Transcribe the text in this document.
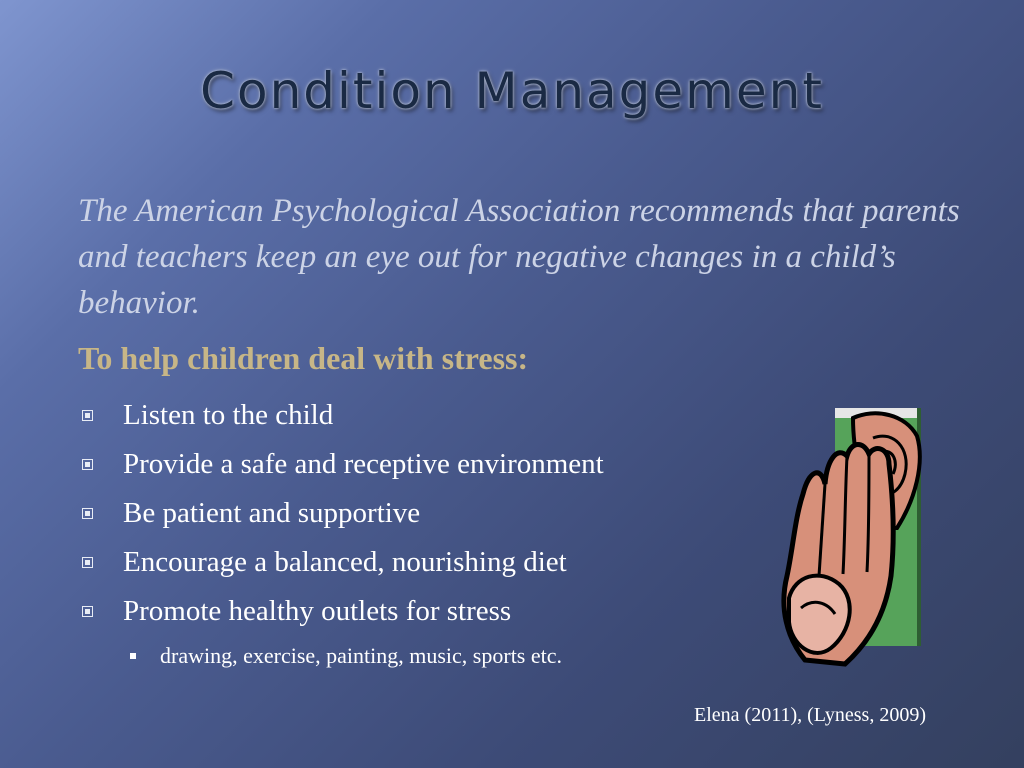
Condition Management
The American Psychological Association recommends that parents and teachers keep an eye out for negative changes in a child’s behavior.
To help children deal with stress:
Listen to the child
Provide a safe and receptive environment
Be patient and supportive
Encourage a balanced, nourishing diet
Promote healthy outlets for stress
drawing, exercise, painting, music, sports etc.
Elena (2011), (Lyness, 2009)
